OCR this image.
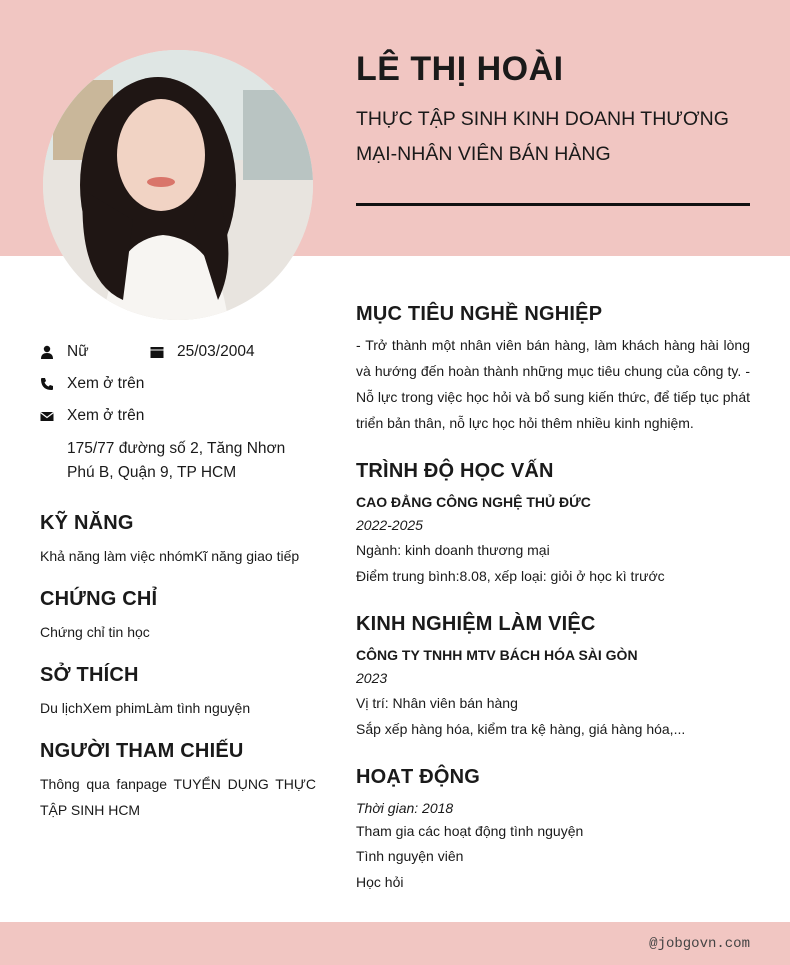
LÊ THỊ HOÀI
THỰC TẬP SINH KINH DOANH THƯƠNG
MẠI-NHÂN VIÊN BÁN HÀNG
Nữ	25/03/2004
Xem ở trên
Xem ở trên
175/77 đường số 2, Tăng Nhơn
Phú B, Quận 9, TP HCM
KỸ NĂNG
Khả năng làm việc nhómKĩ năng giao tiếp
CHỨNG CHỈ
Chứng chỉ tin học
SỞ THÍCH
Du lịchXem phimLàm tình nguyện
NGƯỜI THAM CHIẾU
Thông qua fanpage TUYỂN DỤNG THỰC TẬP SINH HCM
MỤC TIÊU NGHỀ NGHIỆP
- Trở thành một nhân viên bán hàng, làm khách hàng hài lòng và hướng đến hoàn thành những mục tiêu chung của công ty. - Nỗ lực trong việc học hỏi và bổ sung kiến thức, để tiếp tục phát triển bản thân, nỗ lực học hỏi thêm nhiều kinh nghiệm.
TRÌNH ĐỘ HỌC VẤN
CAO ĐẲNG CÔNG NGHỆ THỦ ĐỨC
2022-2025
Ngành: kinh doanh thương mại
Điểm trung bình:8.08, xếp loại: giỏi ở học kì trước
KINH NGHIỆM LÀM VIỆC
CÔNG TY TNHH MTV BÁCH HÓA SÀI GÒN
2023
Vị trí: Nhân viên bán hàng
Sắp xếp hàng hóa, kiểm tra kệ hàng, giá hàng hóa,...
HOẠT ĐỘNG
Thời gian: 2018
Tham gia các hoạt động tình nguyện
Tình nguyện viên
Học hỏi
@jobgovn.com
